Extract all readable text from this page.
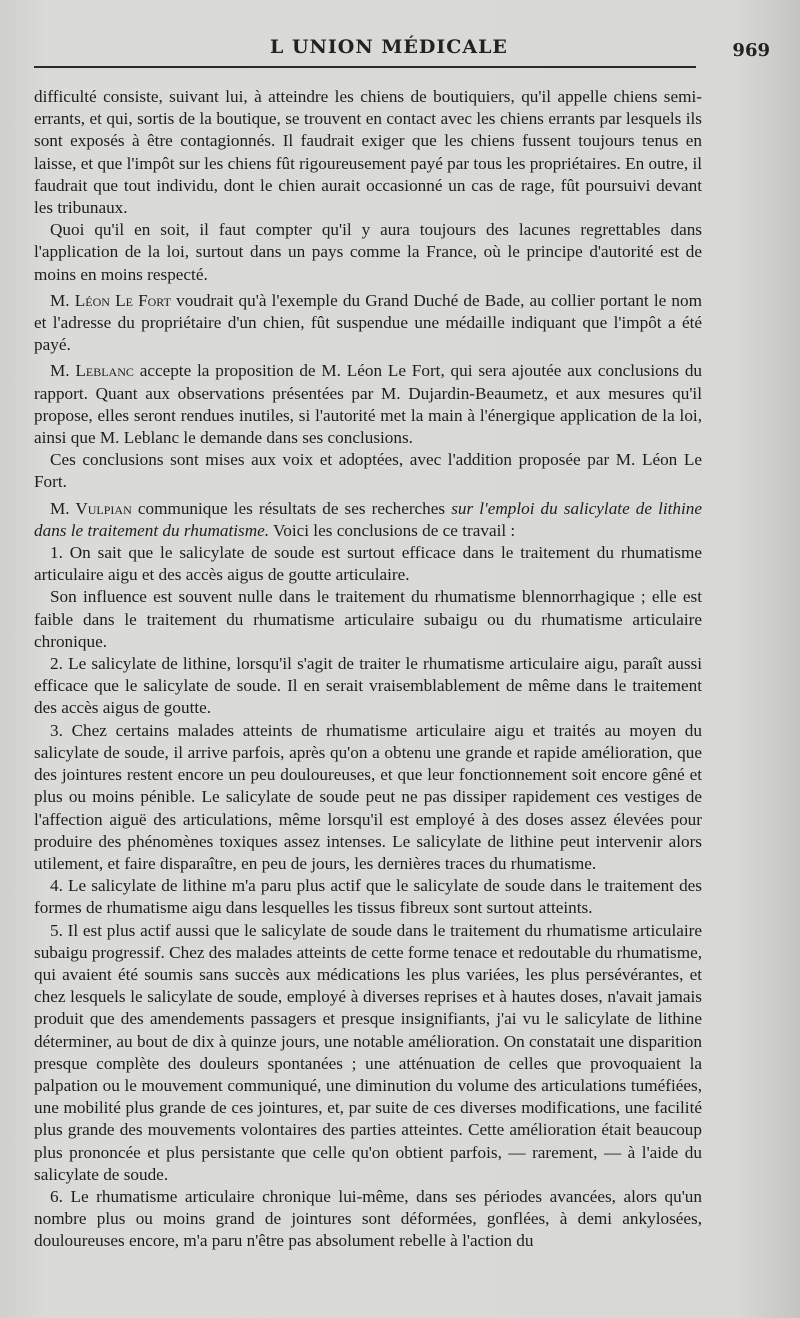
L UNION MÉDICALE	969

difficulté consiste, suivant lui, à atteindre les chiens de boutiquiers, qu'il appelle chiens semi-errants, et qui, sortis de la boutique, se trouvent en contact avec les chiens errants par lesquels ils sont exposés à être contagionnés. Il faudrait exiger que les chiens fussent toujours tenus en laisse, et que l'impôt sur les chiens fût rigoureusement payé par tous les propriétaires. En outre, il faudrait que tout individu, dont le chien aurait occasionné un cas de rage, fût poursuivi devant les tribunaux.

Quoi qu'il en soit, il faut compter qu'il y aura toujours des lacunes regrettables dans l'application de la loi, surtout dans un pays comme la France, où le principe d'autorité est de moins en moins respecté.

M. Léon Le Fort voudrait qu'à l'exemple du Grand Duché de Bade, au collier portant le nom et l'adresse du propriétaire d'un chien, fût suspendue une médaille indiquant que l'impôt a été payé.

M. Leblanc accepte la proposition de M. Léon Le Fort, qui sera ajoutée aux conclusions du rapport. Quant aux observations présentées par M. Dujardin-Beaumetz, et aux mesures qu'il propose, elles seront rendues inutiles, si l'autorité met la main à l'énergique application de la loi, ainsi que M. Leblanc le demande dans ses conclusions.

Ces conclusions sont mises aux voix et adoptées, avec l'addition proposée par M. Léon Le Fort.

M. Vulpian communique les résultats de ses recherches sur l'emploi du salicylate de lithine dans le traitement du rhumatisme. Voici les conclusions de ce travail :

1. On sait que le salicylate de soude est surtout efficace dans le traitement du rhumatisme articulaire aigu et des accès aigus de goutte articulaire.

Son influence est souvent nulle dans le traitement du rhumatisme blennorrhagique ; elle est faible dans le traitement du rhumatisme articulaire subaigu ou du rhumatisme articulaire chronique.

2. Le salicylate de lithine, lorsqu'il s'agit de traiter le rhumatisme articulaire aigu, paraît aussi efficace que le salicylate de soude. Il en serait vraisemblablement de même dans le traitement des accès aigus de goutte.

3. Chez certains malades atteints de rhumatisme articulaire aigu et traités au moyen du salicylate de soude, il arrive parfois, après qu'on a obtenu une grande et rapide amélioration, que des jointures restent encore un peu douloureuses, et que leur fonctionnement soit encore gêné et plus ou moins pénible. Le salicylate de soude peut ne pas dissiper rapidement ces vestiges de l'affection aiguë des articulations, même lorsqu'il est employé à des doses assez élevées pour produire des phénomènes toxiques assez intenses. Le salicylate de lithine peut intervenir alors utilement, et faire disparaître, en peu de jours, les dernières traces du rhumatisme.

4. Le salicylate de lithine m'a paru plus actif que le salicylate de soude dans le traitement des formes de rhumatisme aigu dans lesquelles les tissus fibreux sont surtout atteints.

5. Il est plus actif aussi que le salicylate de soude dans le traitement du rhumatisme articulaire subaigu progressif. Chez des malades atteints de cette forme tenace et redoutable du rhumatisme, qui avaient été soumis sans succès aux médications les plus variées, les plus persévérantes, et chez lesquels le salicylate de soude, employé à diverses reprises et à hautes doses, n'avait jamais produit que des amendements passagers et presque insignifiants, j'ai vu le salicylate de lithine déterminer, au bout de dix à quinze jours, une notable amélioration. On constatait une disparition presque complète des douleurs spontanées ; une atténuation de celles que provoquaient la palpation ou le mouvement communiqué, une diminution du volume des articulations tuméfiées, une mobilité plus grande de ces jointures, et, par suite de ces diverses modifications, une facilité plus grande des mouvements volontaires des parties atteintes. Cette amélioration était beaucoup plus prononcée et plus persistante que celle qu'on obtient parfois, — rarement, — à l'aide du salicylate de soude.

6. Le rhumatisme articulaire chronique lui-même, dans ses périodes avancées, alors qu'un nombre plus ou moins grand de jointures sont déformées, gonflées, à demi ankylosées, douloureuses encore, m'a paru n'être pas absolument rebelle à l'action du
